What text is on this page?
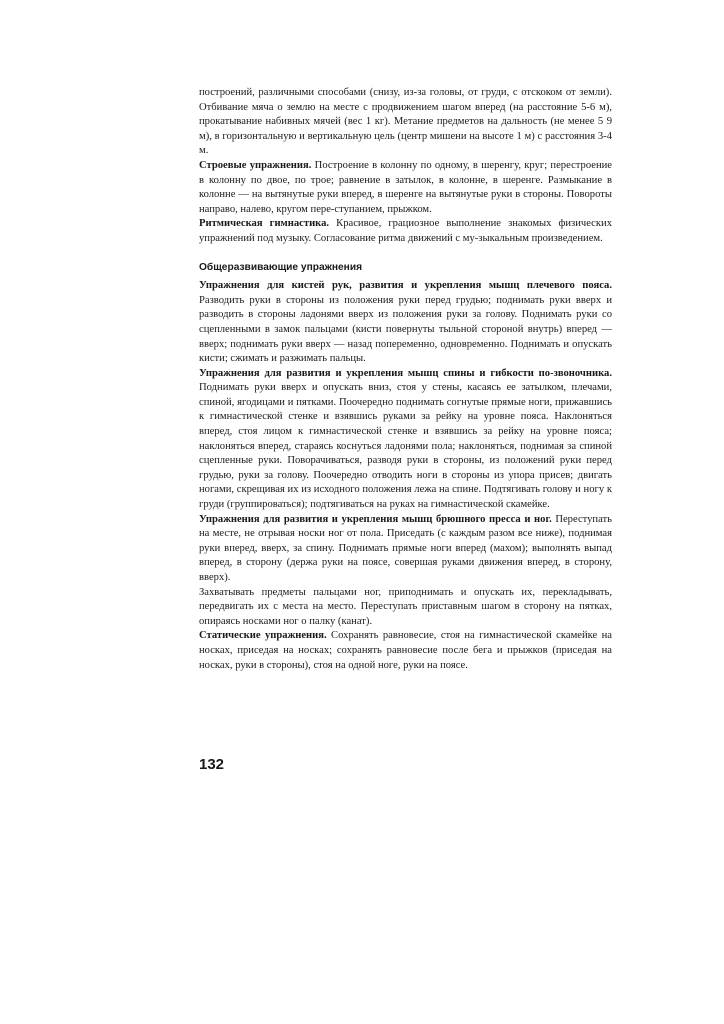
построений, различными способами (снизу, из-за головы, от груди, с отскоком от земли). Отбивание мяча о землю на месте с продвижением шагом вперед (на расстояние 5-6 м), прокатывание набивных мячей (вес 1 кг). Метание предметов на дальность (не менее 5 9 м), в горизонтальную и вертикальную цель (центр мишени на высоте 1 м) с расстояния 3-4 м.

Строевые упражнения. Построение в колонну по одному, в шеренгу, круг; перестроение в колонну по двое, по трое; равнение в затылок, в колонне, в шеренге. Размыкание в колонне — на вытянутые руки вперед, в шеренге на вытянутые руки в стороны. Повороты направо, налево, кругом пере-ступанием, прыжком.

Ритмическая гимнастика. Красивое, грациозное выполнение знакомых физических упражнений под музыку. Согласование ритма движений с му-зыкальным произведением.

Общеразвивающие упражнения

Упражнения для кистей рук, развития и укрепления мышц плечевого пояса. Разводить руки в стороны из положения руки перед грудью; поднимать руки вверх и разводить в стороны ладонями вверх из положения руки за голову. Поднимать руки со сцепленными в замок пальцами (кисти повернуты тыльной стороной внутрь) вперед — вверх; поднимать руки вверх — назад попеременно, одновременно. Поднимать и опускать кисти; сжимать и разжимать пальцы.

Упражнения для развития и укрепления мышц спины и гибкости по-звоночника. Поднимать руки вверх и опускать вниз, стоя у стены, касаясь ее затылком, плечами, спиной, ягодицами и пятками. Поочередно поднимать согнутые прямые ноги, прижавшись к гимнастической стенке и взявшись руками за рейку на уровне пояса. Наклоняться вперед, стоя лицом к гимнастической стенке и взявшись за рейку на уровне пояса; наклоняться вперед, стараясь коснуться ладонями пола; наклоняться, поднимая за спиной сцепленные руки. Поворачиваться, разводя руки в стороны, из положений руки перед грудью, руки за голову. Поочередно отводить ноги в стороны из упора присев; двигать ногами, скрещивая их из исходного положения лежа на спине. Подтягивать голову и ногу к груди (группироваться); подтягиваться на руках на гимнастической скамейке.

Упражнения для развития и укрепления мышц брюшного пресса и ног. Переступать на месте, не отрывая носки ног от пола. Приседать (с каждым разом все ниже), поднимая руки вперед, вверх, за спину. Поднимать прямые ноги вперед (махом); выполнять выпад вперед, в сторону (держа руки на поясе, совершая руками движения вперед, в сторону, вверх).

Захватывать предметы пальцами ног, приподнимать и опускать их, перекладывать, передвигать их с места на место. Переступать приставным шагом в сторону на пятках, опираясь носками ног о палку (канат).

Статические упражнения. Сохранять равновесие, стоя на гимнастической скамейке на носках, приседая на носках; сохранять равновесие после бега и прыжков (приседая на носках, руки в стороны), стоя на одной ноге, руки на поясе.

132
